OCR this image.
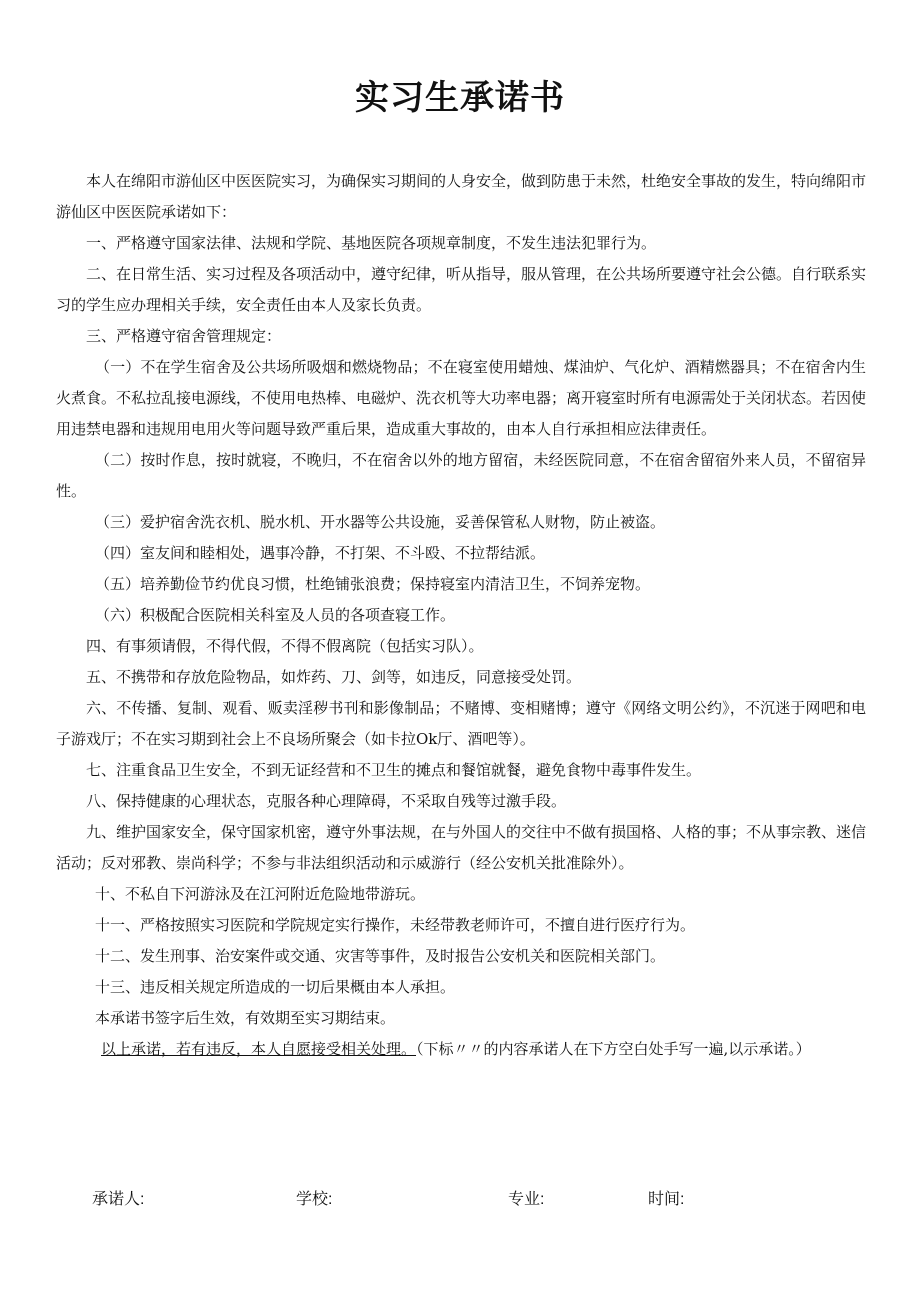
实习生承诺书

本人在绵阳市游仙区中医医院实习，为确保实习期间的人身安全，做到防患于未然，杜绝安全事故的发生，特向绵阳市游仙区中医医院承诺如下：

一、严格遵守国家法律、法规和学院、基地医院各项规章制度，不发生违法犯罪行为。

二、在日常生活、实习过程及各项活动中，遵守纪律，听从指导，服从管理，在公共场所要遵守社会公德。自行联系实习的学生应办理相关手续，安全责任由本人及家长负责。

三、严格遵守宿舍管理规定：

（一）不在学生宿舍及公共场所吸烟和燃烧物品；不在寝室使用蜡烛、煤油炉、气化炉、酒精燃器具；不在宿舍内生火煮食。不私拉乱接电源线，不使用电热棒、电磁炉、洗衣机等大功率电器；离开寝室时所有电源需处于关闭状态。若因使用违禁电器和违规用电用火等问题导致严重后果，造成重大事故的，由本人自行承担相应法律责任。

（二）按时作息，按时就寝，不晚归，不在宿舍以外的地方留宿，未经医院同意，不在宿舍留宿外来人员，不留宿异性。

（三）爱护宿舍洗衣机、脱水机、开水器等公共设施，妥善保管私人财物，防止被盗。

（四）室友间和睦相处，遇事冷静，不打架、不斗殴、不拉帮结派。

（五）培养勤俭节约优良习惯，杜绝铺张浪费；保持寝室内清洁卫生，不饲养宠物。

（六）积极配合医院相关科室及人员的各项查寝工作。

四、有事须请假，不得代假，不得不假离院（包括实习队）。

五、不携带和存放危险物品，如炸药、刀、剑等，如违反，同意接受处罚。

六、不传播、复制、观看、贩卖淫秽书刊和影像制品；不赌博、变相赌博；遵守《网络文明公约》，不沉迷于网吧和电子游戏厅；不在实习期到社会上不良场所聚会（如卡拉Ok厅、酒吧等）。

七、注重食品卫生安全，不到无证经营和不卫生的摊点和餐馆就餐，避免食物中毒事件发生。

八、保持健康的心理状态，克服各种心理障碍，不采取自残等过激手段。

九、维护国家安全，保守国家机密，遵守外事法规，在与外国人的交往中不做有损国格、人格的事；不从事宗教、迷信活动；反对邪教、崇尚科学；不参与非法组织活动和示威游行（经公安机关批准除外）。

十、不私自下河游泳及在江河附近危险地带游玩。

十一、严格按照实习医院和学院规定实行操作，未经带教老师许可，不擅自进行医疗行为。

十二、发生刑事、治安案件或交通、灾害等事件，及时报告公安机关和医院相关部门。

十三、违反相关规定所造成的一切后果概由本人承担。

本承诺书签字后生效，有效期至实习期结束。

以上承诺，若有违反，本人自愿接受相关处理。（下标〃〃的内容承诺人在下方空白处手写一遍,以示承诺。）

承诺人:	学校:	专业:	时间:
